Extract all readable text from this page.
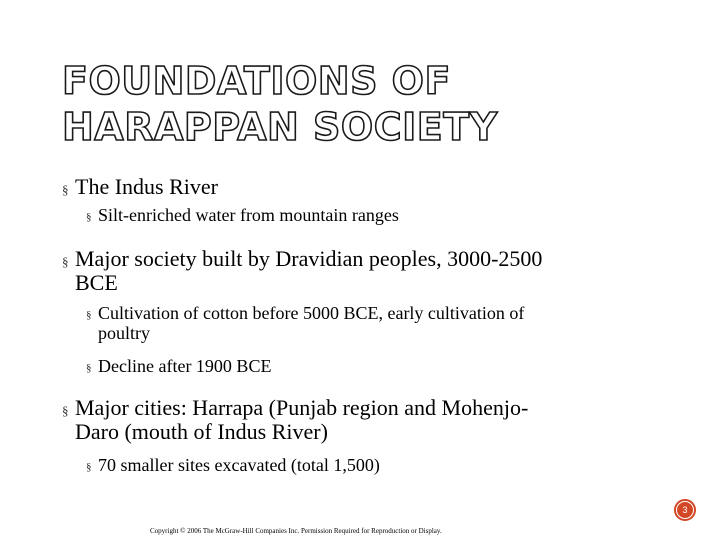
FOUNDATIONS OF
HARAPPAN SOCIETY
§ The Indus River
§ Silt-enriched water from mountain ranges
§ Major society built by Dravidian peoples, 3000-2500
BCE
§ Cultivation of cotton before 5000 BCE, early cultivation of
poultry
§ Decline after 1900 BCE
§ Major cities: Harrapa (Punjab region and Mohenjo-
Daro (mouth of Indus River)
§ 70 smaller sites excavated (total 1,500)
3
Copyright © 2006 The McGraw-Hill Companies Inc. Permission Required for Reproduction or Display.
